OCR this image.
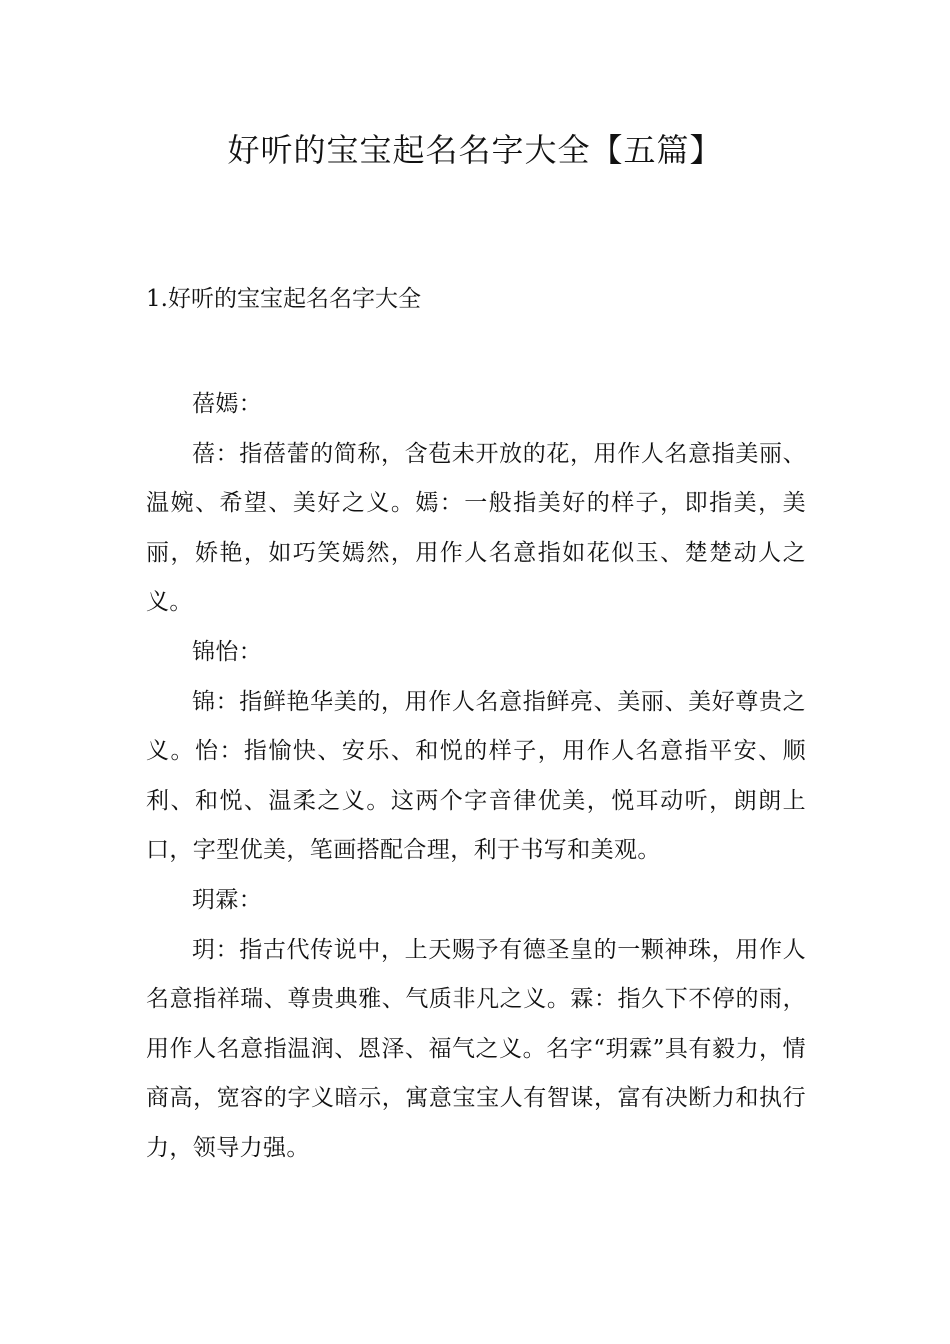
好听的宝宝起名名字大全【五篇】
1.好听的宝宝起名名字大全

蓓嫣：

蓓：指蓓蕾的简称，含苞未开放的花，用作人名意指美丽、温婉、希望、美好之义。嫣：一般指美好的样子，即指美，美丽，娇艳，如巧笑嫣然，用作人名意指如花似玉、楚楚动人之义。

锦怡：

锦：指鲜艳华美的，用作人名意指鲜亮、美丽、美好尊贵之义。怡：指愉快、安乐、和悦的样子，用作人名意指平安、顺利、和悦、温柔之义。这两个字音律优美，悦耳动听，朗朗上口，字型优美，笔画搭配合理，利于书写和美观。

玥霖：

玥：指古代传说中，上天赐予有德圣皇的一颗神珠，用作人名意指祥瑞、尊贵典雅、气质非凡之义。霖：指久下不停的雨，用作人名意指温润、恩泽、福气之义。名字“玥霖”具有毅力，情商高，宽容的字义暗示，寓意宝宝人有智谋，富有决断力和执行力，领导力强。
